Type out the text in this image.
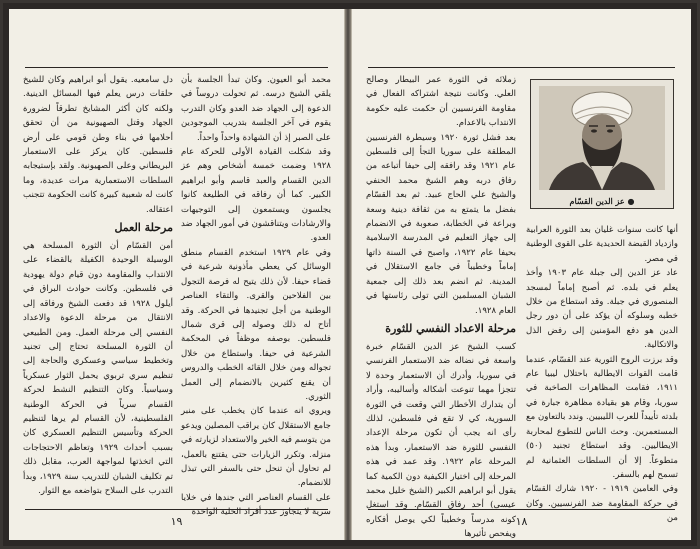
محمد أبو العيون. وكان تبدأ الجلسة بأن يلقي الشيخ درسه. ثم تحولت دروساً في الدعوة إلى الجهاد ضد العدو وكان التدرب يقوم في آخر الجلسة بتدريب الموجودين على الصبر إذ أن الشهادة واحداً واحداً.

وقد شكلت القيادة الأولى للحركة عام ١٩٢٨ وضمت خمسة أشخاص وهم عز الدين القسام والعبد قاسم وأبو ابراهيم الكبير. كما أن رفاقه في الطليعة كانوا يجلسون ويستمعون إلى التوجيهات والارشادات ويتناقشون في أمور الجهاد ضد العدو.

وفي عام ١٩٢٩ استخدم القسام منطق الوسائل كي يعطي مأذونية شرعية في قضاء حيفا. لأن ذلك يتيح له فرصة التجول بين الفلاحين والقرى. والتقاء العناصر الوطنية من أجل تجنيدها في الحركة. وقد أتاح له ذلك وصوله إلى قرى شمال فلسطين. بوصفه موظفاً في المحكمة الشرعية في حيفا. واستطاع من خلال تجواله ومن خلال القائه الخطب والدروس أن يقنع كثيرين بالانضمام إلى العمل الثوري.

ويروي انه عندما كان يخطب على منبر جامع الاستقلال كان يراقب المصلين ويدعو من يتوسم فيه الخير والاستعداد لزيارته في منزله. وتكرر الزيارات حتى يقتنع بالعمل، لم تحاول أن تنحل حتى بالسفر التي تبذل للانضمام.

على القسام العناصر التي جندها في خلايا سرية لا يتجاوز عدد أفراد الخلية الواحدة

دل سامعيه. يقول أبو ابراهيم وكان للشيخ حلقات درس يعلم فيها المسائل الدينية. ولكنه كان أكثر المشايخ تطرقاً لضرورة الجهاد وقتل الصهيونية من أن تحقق أحلامها في بناء وطن قومي على أرض فلسطين. كان يركز على الاستعمار البريطاني وعلى الصهيونية. ولقد بإستيجابه السلطات الاستعمارية مرات عديدة، وما كانت له شعبية كبيرة كانت الحكومة تتجنب اعتقاله.

مرحلة العمل

أمن القسّام أن الثورة المسلحة هي الوسيلة الوحيدة الكفيلة بالقضاء على الانتداب والمقاومة دون قيام دولة يهودية في فلسطين. وكانت حوادث البراق في أيلول ١٩٢٨ قد دفعت الشيخ ورفاقه إلى الانتقال من مرحلة الدعوة والاعداد النفسي إلى مرحلة العمل. ومن الطبيعي أن الثورة المسلحة تحتاج إلى تجنيد وتخطيط سياسي وعسكري والحاجة إلى تنظيم سري تربوي يحمل الثوار عسكرياً وسياسياً. وكان التنظيم النشط لحركة القسام سرياً في الحركة الوطنية الفلسطينية، لأن القسام لم يرها لتنظيم الحركة وتأسيس التنظيم العسكري كان بسبب أحداث ١٩٢٩ وتعاظم الاحتجاجات التي اتخذتها لمواجهة العرب، مقابل ذلك تم تكليف الشبان للتدريب سنة ١٩٢٩، وبدأ التدرب على السلاح بتواضعه مع الثوار.

١٩
● عز الدين القسّام

أنها كانت سنوات غليان بعد الثورة العرابية وازدياد القبضة الحديدية على القوى الوطنية في مصر.

عاد عز الدين إلى جبلة عام ١٩٠٣ وأخذ يعلم في بلده. ثم أصبح إماماً لمسجد المنصوري في جبلة. وقد استطاع من خلال خطبه وسلوكه أن يؤكد على أن دور رجل الدين هو دفع المؤمنين إلى رفض الذل والاتكالية.

وقد برزت الروح الثورية عند القسّام، عندما قامت القوات الايطالية باحتلال ليبيا عام ١٩١١، فقامت المظاهرات الصاخبة في سوريا، وقام هو بقيادة مظاهرة جبارة في بلدته تأييداً للعرب الليبيين. وندد بالتعاون مع المستعمرين. وحث الناس للتطوع لمحاربة الايطاليين. وقد استطاع تجنيد (٥٠) متطوعاً. إلا أن السلطات العثمانية لم تسمح لهم بالسفر.

وفي العامين ١٩١٩ - ١٩٢٠ شارك القسّام في حركة المقاومة ضد الفرنسيين. وكان من

زملائه في الثورة عمر البيطار وصالح العلي. وكانت نتيجة اشتراكه الفعال في مقاومة الفرنسيين أن حكمت عليه حكومة الانتداب بالاعدام.

بعد فشل ثورة ١٩٢٠ وسيطرة الفرنسيين المطلقة على سوريا التجأ إلى فلسطين عام ١٩٢١ وقد رافقه إلى حيفا أتباعه من رفاق دربه وهم الشيخ محمد الحنفي والشيخ علي الحاج عبيد. ثم بعد القسّام بفضل ما يتمتع به من ثقافة دينية وسعة وبراعة في الخطابة، صعوبة في الانضمام إلى جهاز التعليم في المدرسة الاسلامية بحيفا عام ١٩٢٢، واصبح في السنة ذاتها إماماً وخطيباً في جامع الاستقلال في المدينة. ثم انضم بعد ذلك إلى جمعية الشبان المسلمين التي تولى رئاستها في العام ١٩٢٨.

مرحلة الاعداد النفسي للثورة

كسب الشيخ عز الدين القسّام خبرة واسعة في نضاله ضد الاستعمار الفرنسي في سوريا، وأدرك أن الاستعمار وحدة لا تتجزأ مهما تنوعت أشكاله وأساليبه، وأراد أن يتدارك الأخطار التي وقعت في الثورة السورية، كي لا تقع في فلسطين، لذلك رأى انه يجب أن تكون مرحلة الإعداد النفسي للثورة ضد الاستعمار، وبدأ هذه المرحلة عام ١٩٢٢. وقد عمد في هذه المرحلة إلى اختيار الكيفية دون الكمية كما يقول أبو ابراهيم الكبير (الشيخ خليل محمد عيسى) أحد رفاق القسّام. وقد استغل كونه مدرساً وخطيباً لكي يوصل أفكاره ويفحص تأثيرها

١٨
